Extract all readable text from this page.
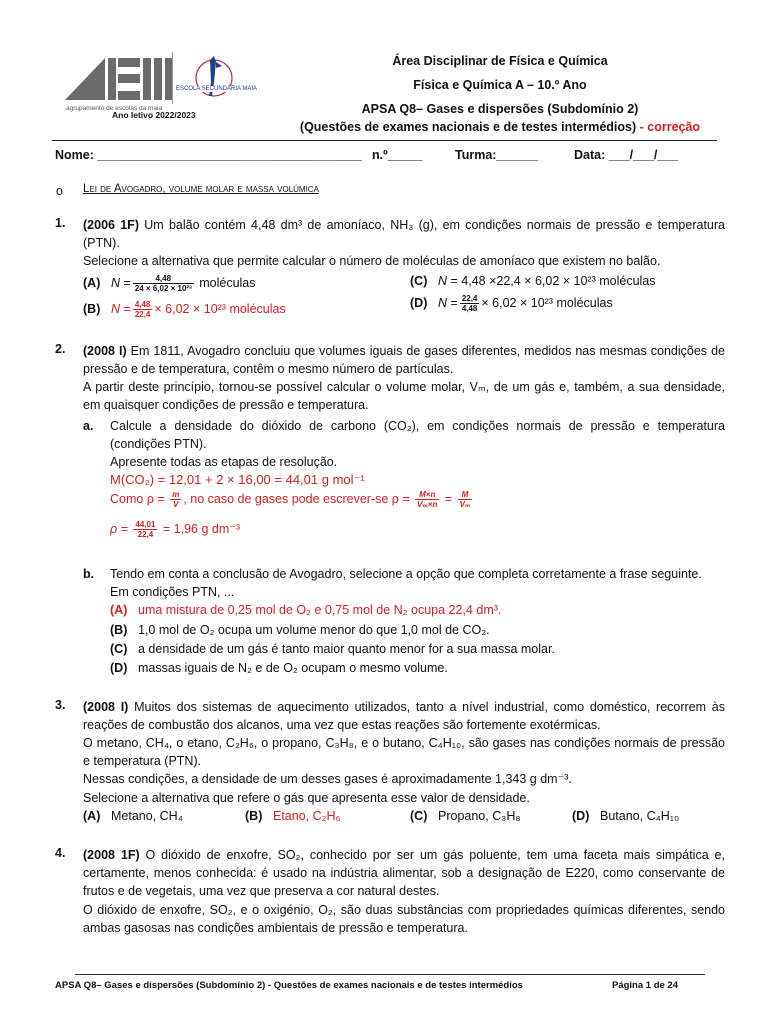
agrupamento de escolas da maia
ESCOLA SECUNDÁRIA MAIA
Ano letivo 2022/2023
Área Disciplinar de Física e Química
Física e Química A – 10.º Ano
APSA Q8– Gases e dispersões (Subdomínio 2)
(Questões de exames nacionais e de testes intermédios) - correção
Nome: ______________________________________ n.º_____	Turma:______	Data: ___/___/___
o Lei de Avogadro, volume molar e massa volúmica
1. (2006 1F) Um balão contém 4,48 dm³ de amoníaco, NH₃ (g), em condições normais de pressão e temperatura (PTN).
Selecione a alternativa que permite calcular o número de moléculas de amoníaco que existem no balão.
(A) $N = \frac{4,48}{\text{24 × 6,02 × 10²³}}$ moléculas
(B) $N = \frac{4,48}{22,4} \times 6,02 \times 10^{23}$ moléculas
(C) N = 4,48 ×22,4 × 6,02 × 10²³ moléculas
(D) $N = \frac{22,4}{4,48} \times 6,02 \times 10^{23}$ moléculas
2. (2008 I) Em 1811, Avogadro concluiu que volumes iguais de gases diferentes, medidos nas mesmas condições de pressão e de temperatura, contêm o mesmo número de partículas.
A partir deste princípio, tornou-se possível calcular o volume molar, Vₘ, de um gás e, também, a sua densidade, em quaisquer condições de pressão e temperatura.
a. Calcule a densidade do dióxido de carbono (CO₂), em condições normais de pressão e temperatura (condições PTN).
Apresente todas as etapas de resolução.
M(CO₂) = 12,01 + 2 × 16,00 = 44,01 g mol⁻¹
Como $\rho = \frac{m}{V}$ , no caso de gases pode escrever-se $\rho = \frac{M\times n}{\text{Vₘ×n}} = \frac{M}{\text{Vₘ}}$
$\rho = \frac{44,01}{22,4} = 1,96$ g dm⁻³
b. Tendo em conta a conclusão de Avogadro, selecione a opção que completa corretamente a frase seguinte.
Em condições PTN, ...
(A) uma mistura de 0,25 mol de O₂ e 0,75 mol de N₂ ocupa 22,4 dm³.
(B) 1,0 mol de O₂ ocupa um volume menor do que 1,0 mol de CO₂.
(C) a densidade de um gás é tanto maior quanto menor for a sua massa molar.
(D) massas iguais de N₂ e de O₂ ocupam o mesmo volume.
3. (2008 I) Muitos dos sistemas de aquecimento utilizados, tanto a nível industrial, como doméstico, recorrem às reações de combustão dos alcanos, uma vez que estas reações são fortemente exotérmicas.
O metano, CH₄, o etano, C₂H₆, o propano, C₃H₈, e o butano, C₄H₁₀, são gases nas condições normais de pressão e temperatura (PTN).
Nessas condições, a densidade de um desses gases é aproximadamente 1,343 g dm⁻³.
Selecione a alternativa que refere o gás que apresenta esse valor de densidade.
(A) Metano, CH₄	(B) Etano, C₂H₆	(C) Propano, C₃H₈	(D) Butano, C₄H₁₀
4. (2008 1F) O dióxido de enxofre, SO₂, conhecido por ser um gás poluente, tem uma faceta mais simpática e, certamente, menos conhecida: é usado na indústria alimentar, sob a designação de E220, como conservante de frutos e de vegetais, uma vez que preserva a cor natural destes.
O dióxido de enxofre, SO₂, e o oxigénio, O₂, são duas substâncias com propriedades químicas diferentes, sendo ambas gasosas nas condições ambientais de pressão e temperatura.
APSA Q8– Gases e dispersões (Subdomínio 2) - Questões de exames nacionais e de testes intermédios	Página 1 de 24
